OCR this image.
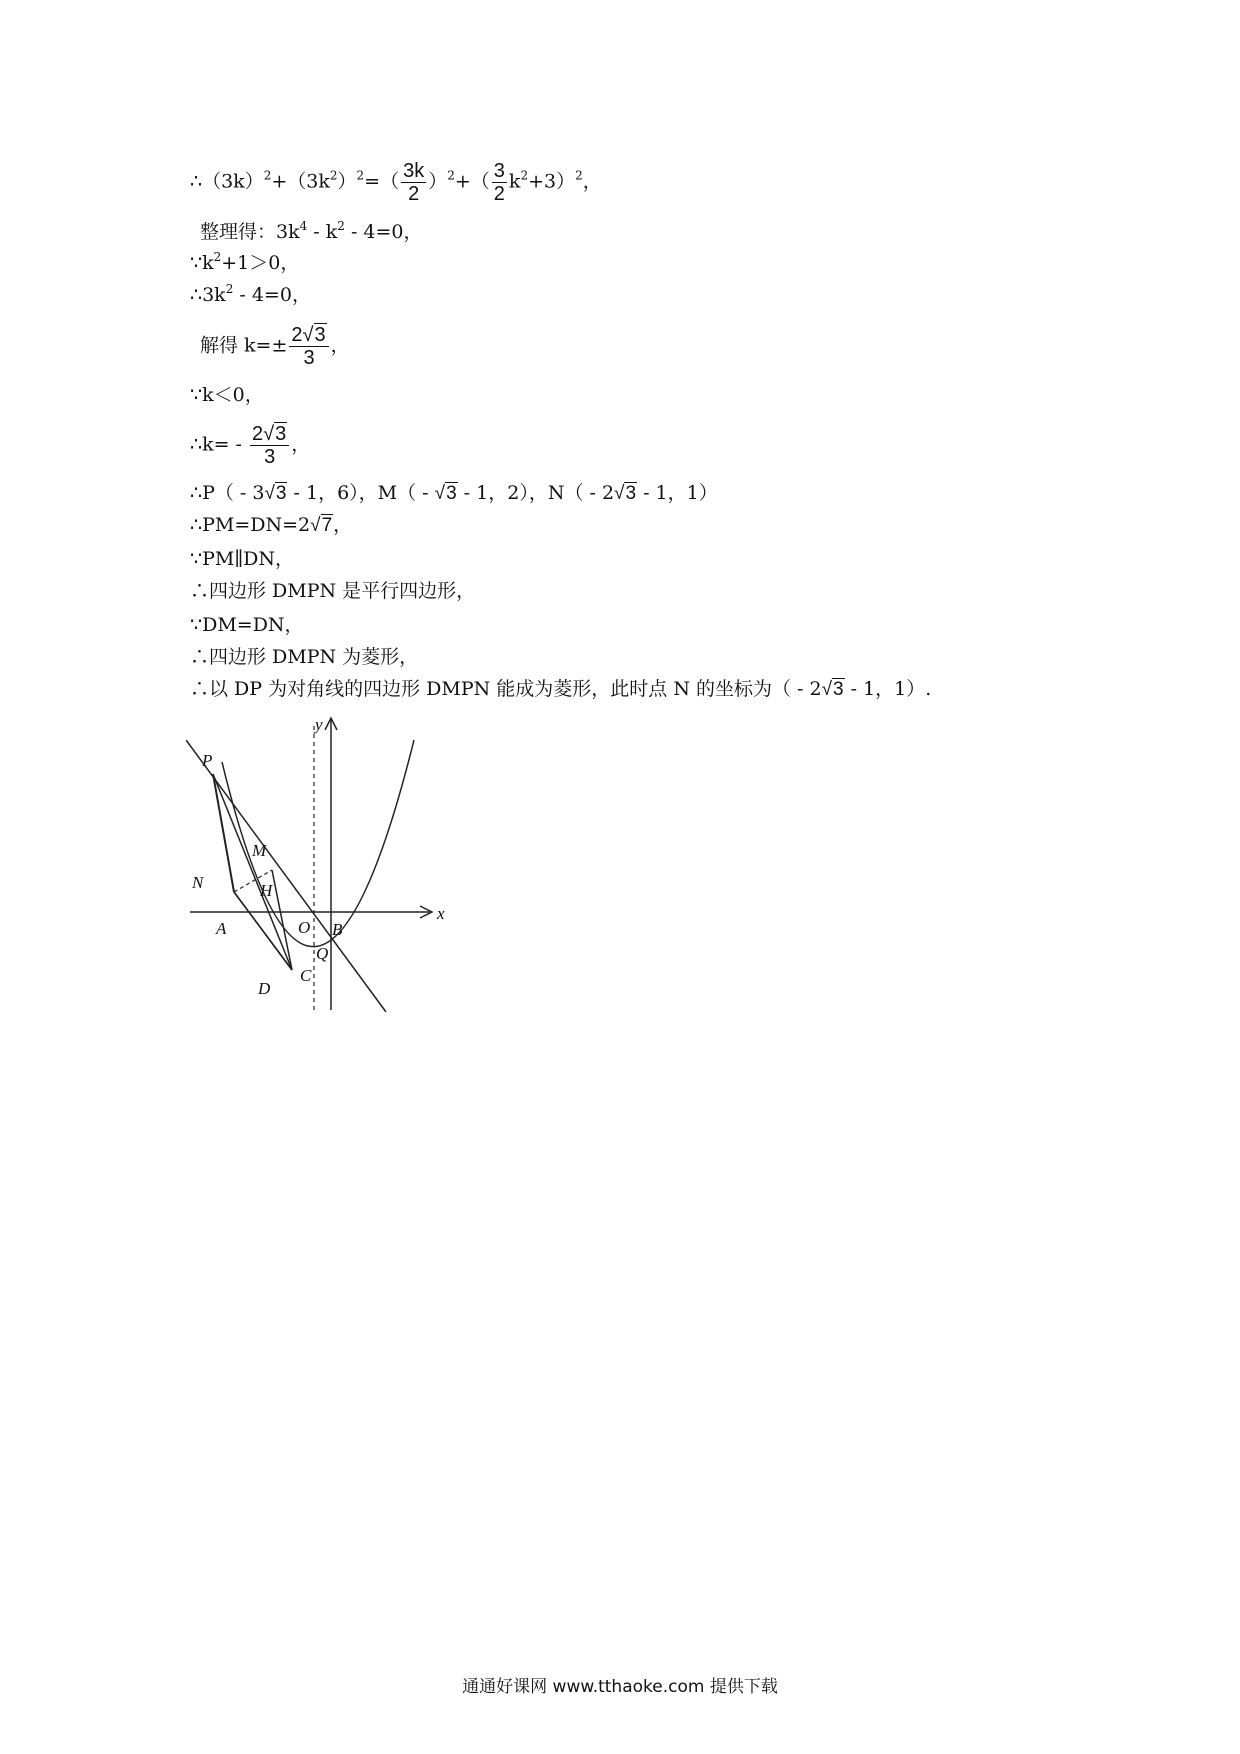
$\therefore(3k)^2+(3k^2)^2=( \frac{3k}{2} )^2+( \frac{3}{2} k^2+3)^2$，
整理得：$3k^4 - k^2 - 4=0$，
$\because k^2+1>0$，
$\therefore 3k^2 - 4=0$，
解得 $k=\pm \frac{2√3}{3}$ ，
∵k＜0，
∴k= - $\frac{2√3}{3}$ ，
∴P（ - 3√3 - 1，6），M（ - √3 - 1，2），N（ - 2√3 - 1，1）
∴PM=DN=2√7，
∵PM∥DN，
∴四边形 DMPN 是平行四边形，
∵DM=DN，
∴四边形 DMPN 为菱形，
∴以 DP 为对角线的四边形 DMPN 能成为菱形，此时点 N 的坐标为（ - 2√3 - 1，1）.
y
x
P
M
N	H
A	O B
Q
C
D
通通好课网 www.tthaoke.com 提供下载
